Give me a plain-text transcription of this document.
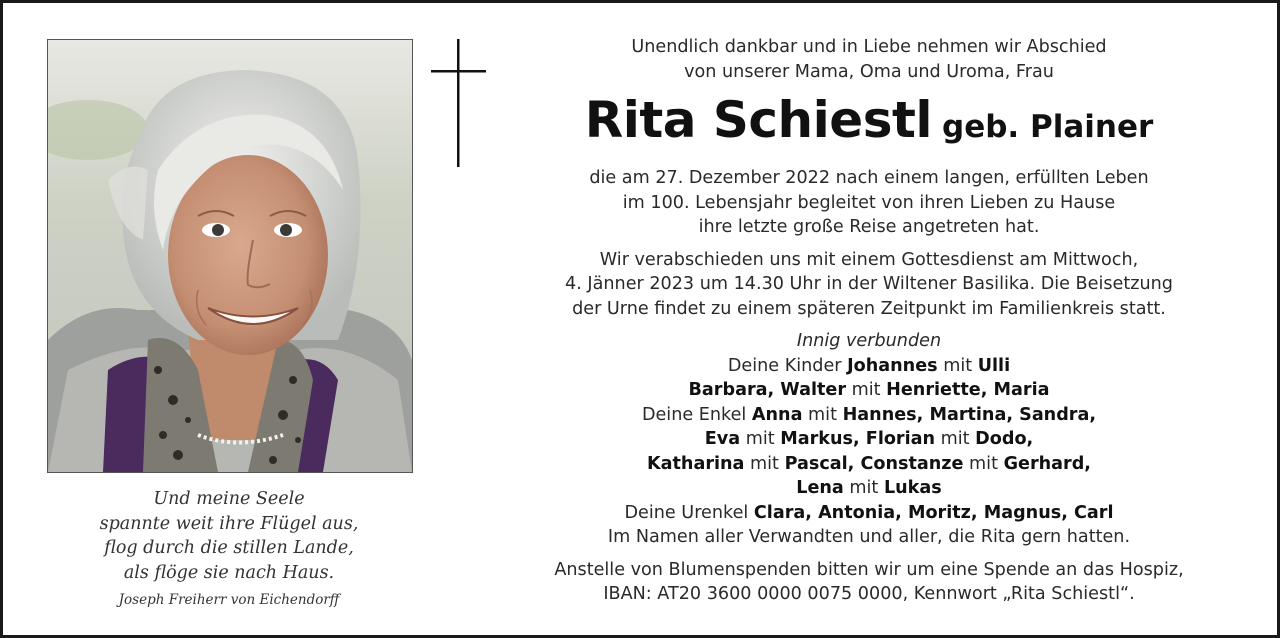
Und meine Seele
spannte weit ihre Flügel aus,
flog durch die stillen Lande,
als flöge sie nach Haus.
Joseph Freiherr von Eichendorff
Unendlich dankbar und in Liebe nehmen wir Abschied
von unserer Mama, Oma und Uroma, Frau
Rita Schiestl geb. Plainer
die am 27. Dezember 2022 nach einem langen, erfüllten Leben
im 100. Lebensjahr begleitet von ihren Lieben zu Hause
ihre letzte große Reise angetreten hat.
Wir verabschieden uns mit einem Gottesdienst am Mittwoch,
4. Jänner 2023 um 14.30 Uhr in der Wiltener Basilika. Die Beisetzung
der Urne findet zu einem späteren Zeitpunkt im Familienkreis statt.
Innig verbunden
Deine Kinder Johannes mit Ulli
Barbara, Walter mit Henriette, Maria
Deine Enkel Anna mit Hannes, Martina, Sandra,
Eva mit Markus, Florian mit Dodo,
Katharina mit Pascal, Constanze mit Gerhard,
Lena mit Lukas
Deine Urenkel Clara, Antonia, Moritz, Magnus, Carl
Im Namen aller Verwandten und aller, die Rita gern hatten.
Anstelle von Blumenspenden bitten wir um eine Spende an das Hospiz,
IBAN: AT20 3600 0000 0075 0000, Kennwort „Rita Schiestl“.
